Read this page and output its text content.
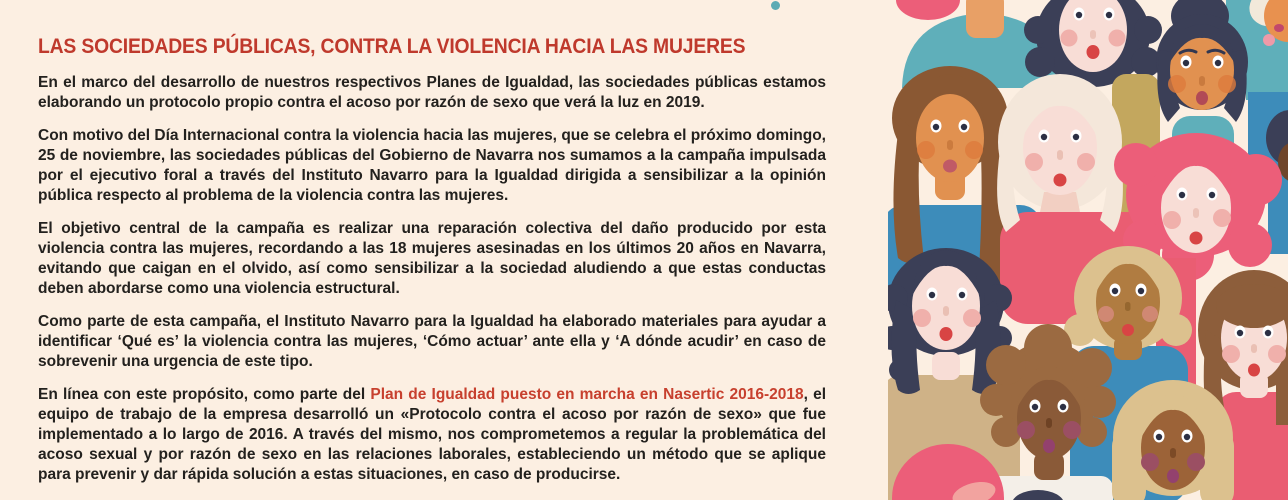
LAS SOCIEDADES PÚBLICAS, CONTRA LA VIOLENCIA HACIA LAS MUJERES

En el marco del desarrollo de nuestros respectivos Planes de Igualdad, las sociedades públicas estamos elaborando un protocolo propio contra el acoso por razón de sexo que verá la luz en 2019.

Con motivo del Día Internacional contra la violencia hacia las mujeres, que se celebra el próximo domingo, 25 de noviembre, las sociedades públicas del Gobierno de Navarra nos sumamos a la campaña impulsada por el ejecutivo foral a través del Instituto Navarro para la Igualdad dirigida a sensibilizar a la opinión pública respecto al problema de la violencia contra las mujeres.

El objetivo central de la campaña es realizar una reparación colectiva del daño producido por esta violencia contra las mujeres, recordando a las 18 mujeres asesinadas en los últimos 20 años en Navarra, evitando que caigan en el olvido, así como sensibilizar a la sociedad aludiendo a que estas conductas deben abordarse como una violencia estructural.

Como parte de esta campaña, el Instituto Navarro para la Igualdad ha elaborado materiales para ayudar a identificar ‘Qué es’ la violencia contra las mujeres, ‘Cómo actuar’ ante ella y ‘A dónde acudir’ en caso de sobrevenir una urgencia de este tipo.

En línea con este propósito, como parte del Plan de Igualdad puesto en marcha en Nasertic 2016-2018, el equipo de trabajo de la empresa desarrolló un «Protocolo contra el acoso por razón de sexo» que fue implementado a lo largo de 2016. A través del mismo, nos comprometemos a regular la problemática del acoso sexual y por razón de sexo en las relaciones laborales, estableciendo un método que se aplique para prevenir y dar rápida solución a estas situaciones, en caso de producirse.
